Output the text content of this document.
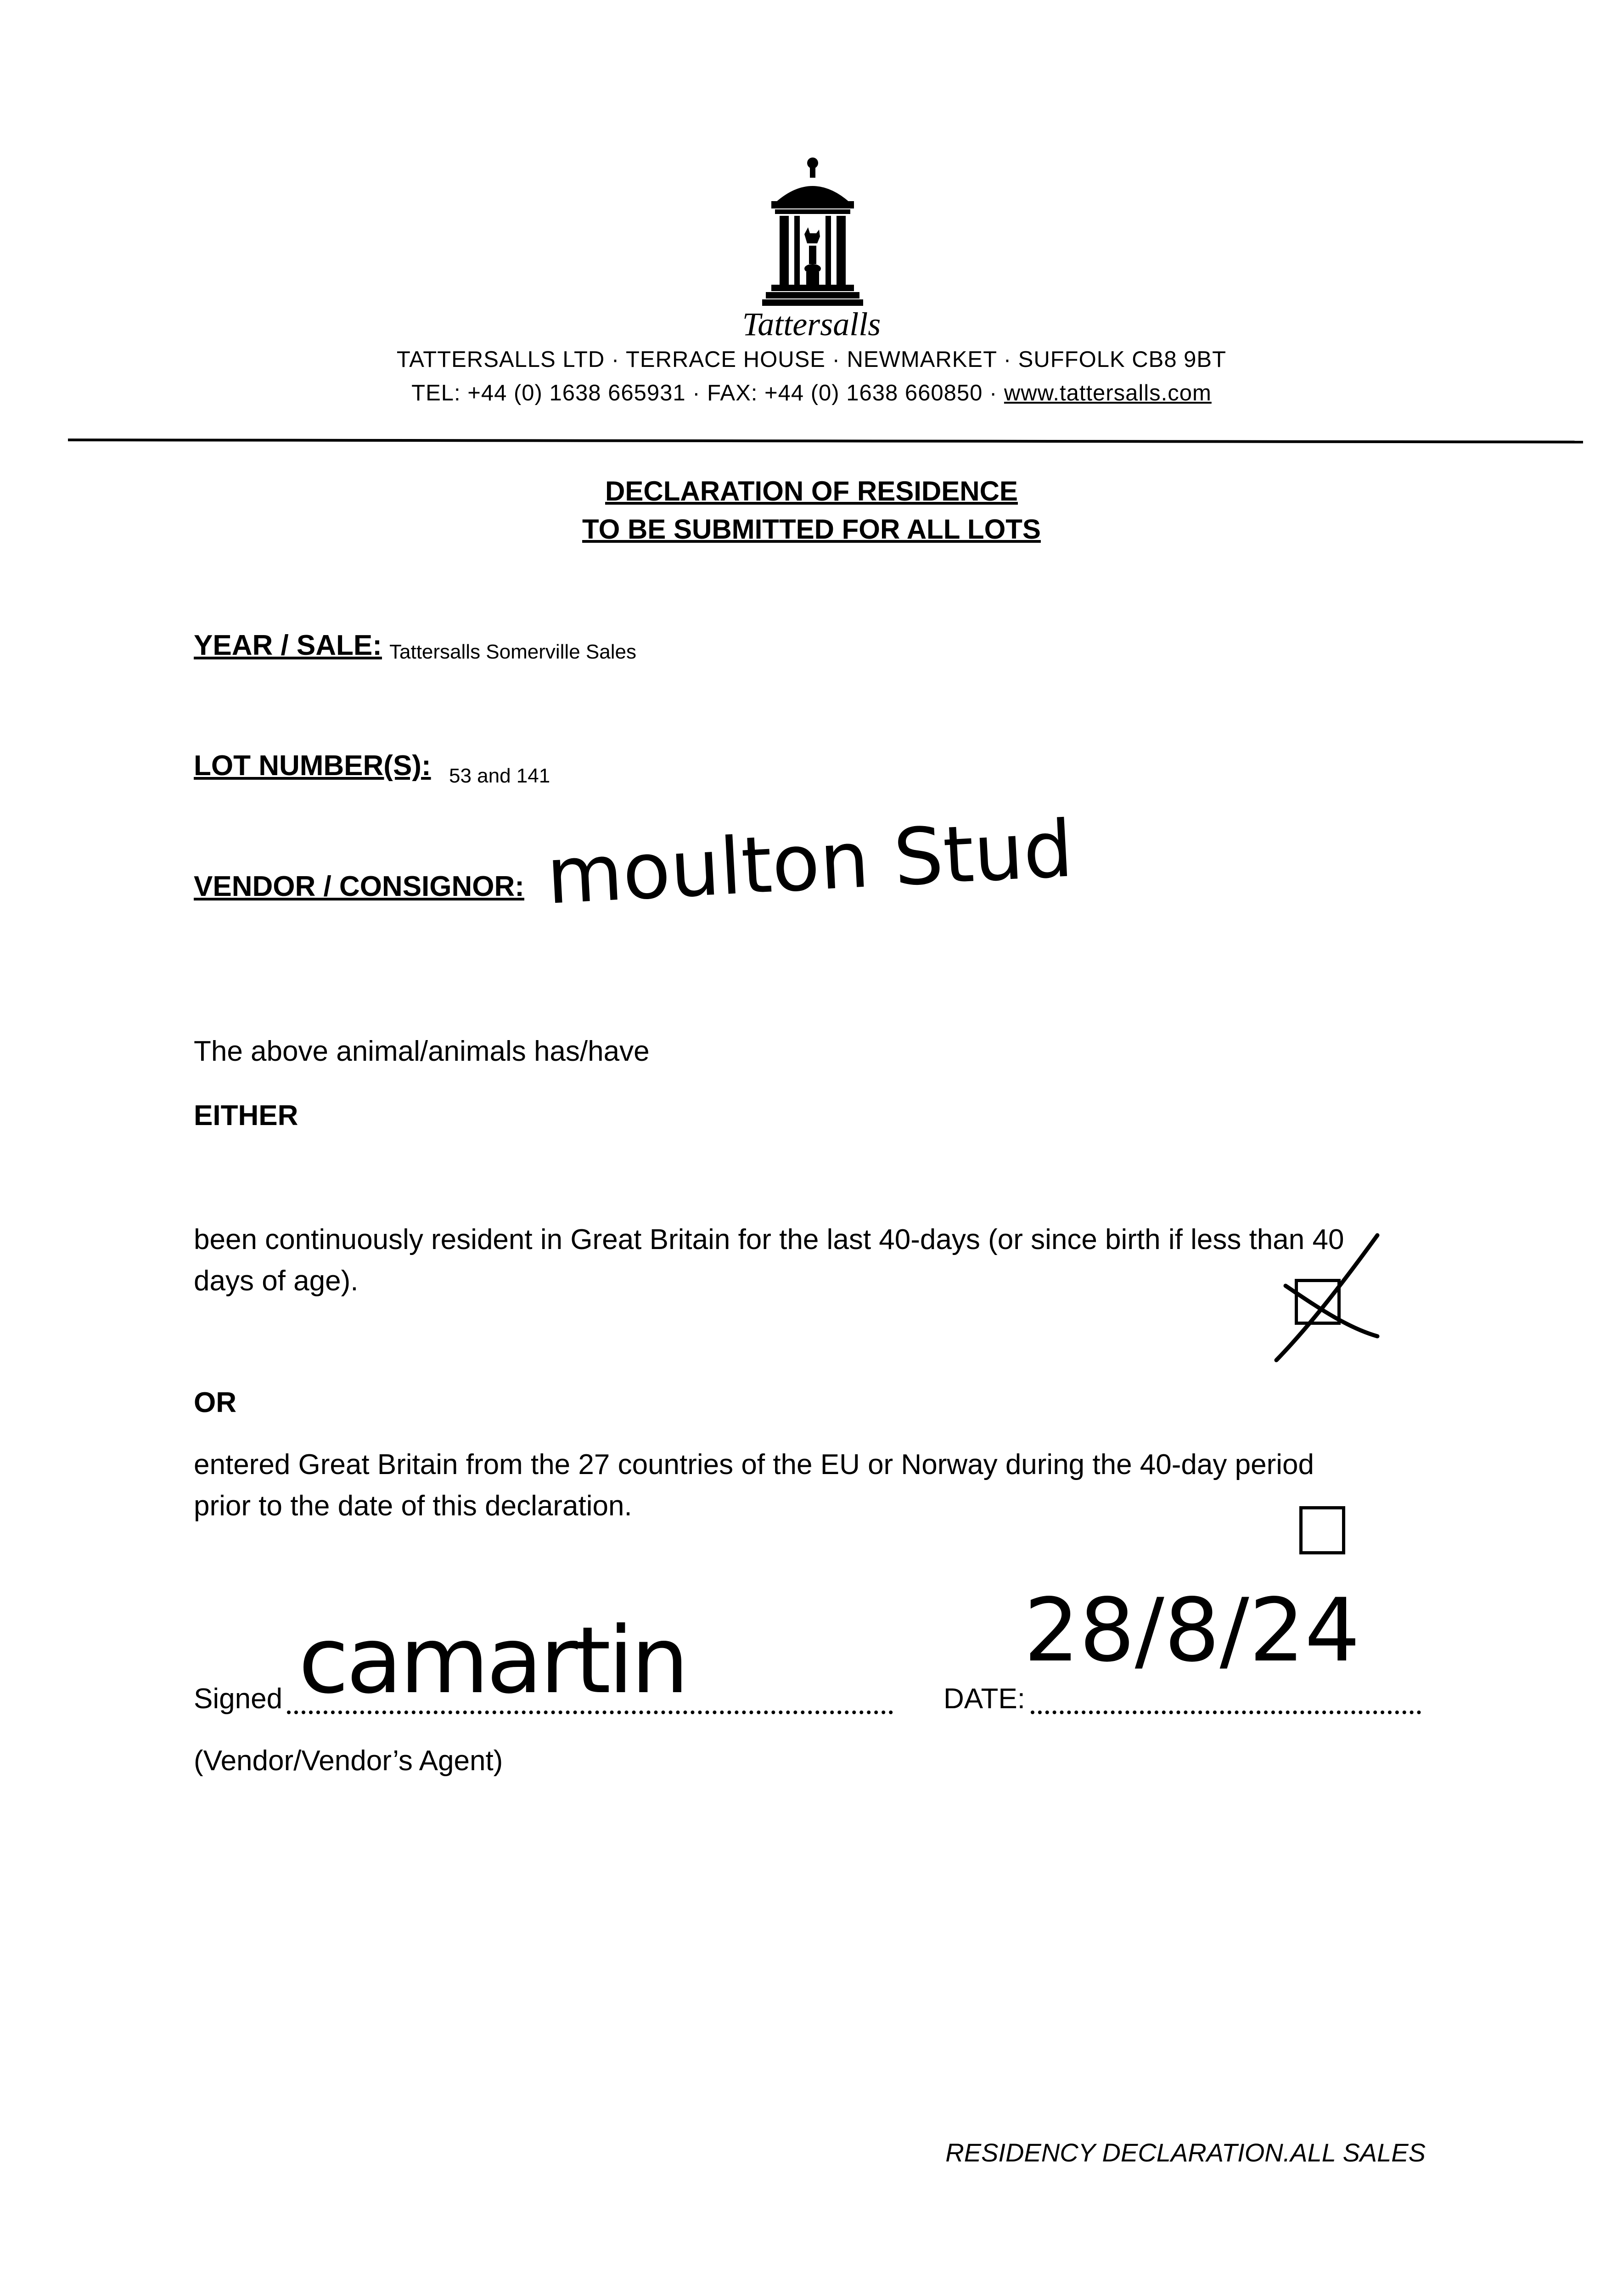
Tattersalls
TATTERSALLS LTD · TERRACE HOUSE · NEWMARKET · SUFFOLK CB8 9BT
TEL: +44 (0) 1638 665931 · FAX: +44 (0) 1638 660850 · www.tattersalls.com
DECLARATION OF RESIDENCE
TO BE SUBMITTED FOR ALL LOTS
YEAR / SALE: Tattersalls Somerville Sales
LOT NUMBER(S): 53 and 141
VENDOR / CONSIGNOR: moulton Stud
The above animal/animals has/have
EITHER
been continuously resident in Great Britain for the last 40-days (or since birth if less than 40
days of age).
OR
entered Great Britain from the 27 countries of the EU or Norway during the 40-day period
prior to the date of this declaration.
Signed camartin	DATE:
28/8/24
(Vendor/Vendor’s Agent)
RESIDENCY DECLARATION.ALL SALES
